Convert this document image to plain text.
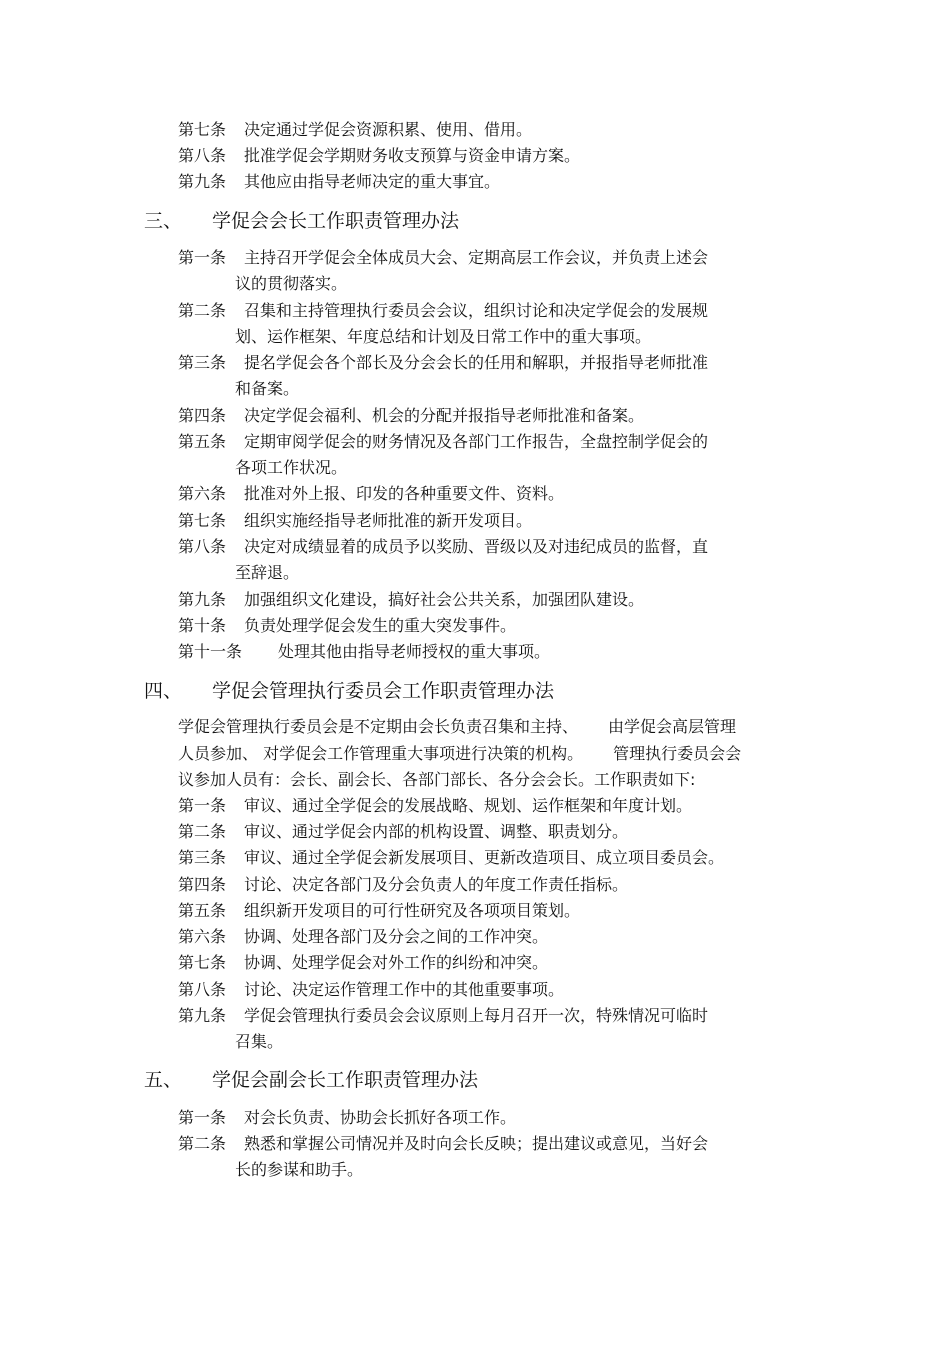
第七条 决定通过学促会资源积累、使用、借用。
第八条 批准学促会学期财务收支预算与资金申请方案。
第九条 其他应由指导老师决定的重大事宜。
三、 学促会会长工作职责管理办法
第一条 主持召开学促会全体成员大会、定期高层工作会议，并负责上述会
议的贯彻落实。
第二条 召集和主持管理执行委员会会议，组织讨论和决定学促会的发展规
划、运作框架、年度总结和计划及日常工作中的重大事项。
第三条 提名学促会各个部长及分会会长的任用和解职，并报指导老师批准
和备案。
第四条 决定学促会福利、机会的分配并报指导老师批准和备案。
第五条 定期审阅学促会的财务情况及各部门工作报告，全盘控制学促会的
各项工作状况。
第六条 批准对外上报、印发的各种重要文件、资料。
第七条 组织实施经指导老师批准的新开发项目。
第八条 决定对成绩显着的成员予以奖励、晋级以及对违纪成员的监督，直
至辞退。
第九条 加强组织文化建设，搞好社会公共关系，加强团队建设。
第十条 负责处理学促会发生的重大突发事件。
第十一条 处理其他由指导老师授权的重大事项。
四、 学促会管理执行委员会工作职责管理办法
学促会管理执行委员会是不定期由会长负责召集和主持、 由学促会高层管理
人员参加、 对学促会工作管理重大事项进行决策的机构。 管理执行委员会会
议参加人员有：会长、副会长、各部门部长、各分会会长。工作职责如下:
第一条 审议、通过全学促会的发展战略、规划、运作框架和年度计划。
第二条 审议、通过学促会内部的机构设置、调整、职责划分。
第三条 审议、通过全学促会新发展项目、更新改造项目、成立项目委员会。
第四条 讨论、决定各部门及分会负责人的年度工作责任指标。
第五条 组织新开发项目的可行性研究及各项项目策划。
第六条 协调、处理各部门及分会之间的工作冲突。
第七条 协调、处理学促会对外工作的纠纷和冲突。
第八条 讨论、决定运作管理工作中的其他重要事项。
第九条 学促会管理执行委员会会议原则上每月召开一次，特殊情况可临时
召集。
五、 学促会副会长工作职责管理办法
第一条 对会长负责、协助会长抓好各项工作。
第二条 熟悉和掌握公司情况并及时向会长反映；提出建议或意见，当好会
长的参谋和助手。
